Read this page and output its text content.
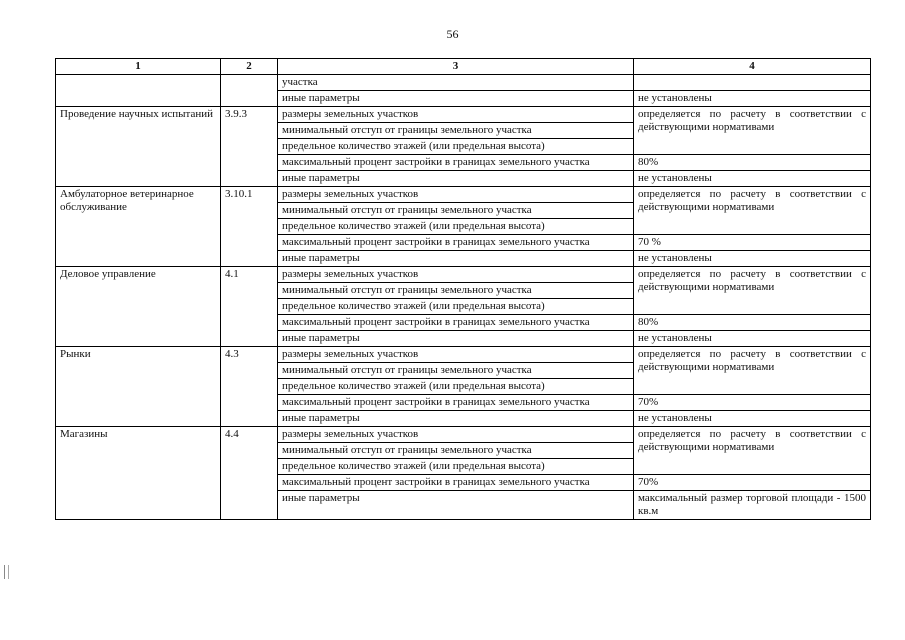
56
1	2	3	4
		участка	
		иные параметры	не установлены
Проведение научных испытаний	3.9.3	размеры земельных участков	определяется по расчету в соответствии с действующими нормативами
		минимальный отступ от границы земельного участка	
		предельное количество этажей (или предельная высота)	
		максимальный процент застройки в границах земельного участка	80%
		иные параметры	не установлены
Амбулаторное ветеринарное обслуживание	3.10.1	размеры земельных участков	определяется по расчету в соответствии с действующими нормативами
		минимальный отступ от границы земельного участка	
		предельное количество этажей (или предельная высота)	
		максимальный процент застройки в границах земельного участка	70 %
		иные параметры	не установлены
Деловое управление	4.1	размеры земельных участков	определяется по расчету в соответствии с действующими нормативами
		минимальный отступ от границы земельного участка	
		предельное количество этажей (или предельная высота)	
		максимальный процент застройки в границах земельного участка	80%
		иные параметры	не установлены
Рынки	4.3	размеры земельных участков	определяется по расчету в соответствии с действующими нормативами
		минимальный отступ от границы земельного участка	
		предельное количество этажей (или предельная высота)	
		максимальный процент застройки в границах земельного участка	70%
		иные параметры	не установлены
Магазины	4.4	размеры земельных участков	определяется по расчету в соответствии с действующими нормативами
		минимальный отступ от границы земельного участка	
		предельное количество этажей (или предельная высота)	
		максимальный процент застройки в границах земельного участка	70%
		иные параметры	максимальный размер торговой площади - 1500 кв.м
